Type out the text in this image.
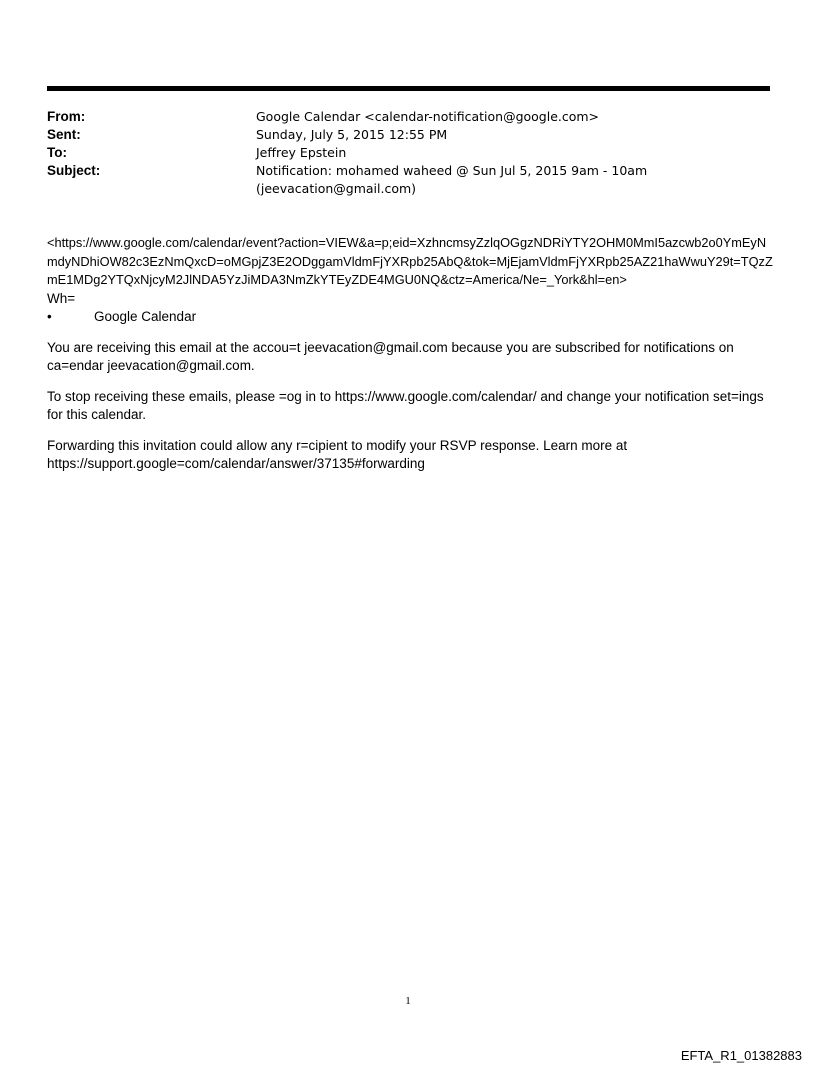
From:	Google Calendar <calendar-notification@google.com>
Sent:	Sunday, July 5, 2015 12:55 PM
To:	Jeffrey Epstein
Subject:	Notification: mohamed waheed @ Sun Jul 5, 2015 9am - 10am (jeevacation@gmail.com)
<https://www.google.com/calendar/event?action=VIEW&a=p;eid=XzhncmsyZzlqOGgzNDRiYTY2OHM0MmI5azcwb2o0YmEyNmdyNDhiOW82c3EzNmQxcD=oMGpjZ3E2ODggamVldmFjYXRpb25AbQ&tok=MjEjamVldmFjYXRpb25AZ21haWwuY29t=TQzZmE1MDg2YTQxNjcyM2JlNDA5YzJiMDA3NmZkYTEyZDE4MGU0NQ&ctz=America/Ne=_York&hl=en>
Wh=
•	Google Calendar
You are receiving this email at the accou=t jeevacation@gmail.com because you are subscribed for notifications on ca=endar jeevacation@gmail.com.
To stop receiving these emails, please =og in to https://www.google.com/calendar/ and change your notification set=ings for this calendar.
Forwarding this invitation could allow any r=cipient to modify your RSVP response. Learn more at https://support.google=com/calendar/answer/37135#forwarding
1
EFTA_R1_01382883
